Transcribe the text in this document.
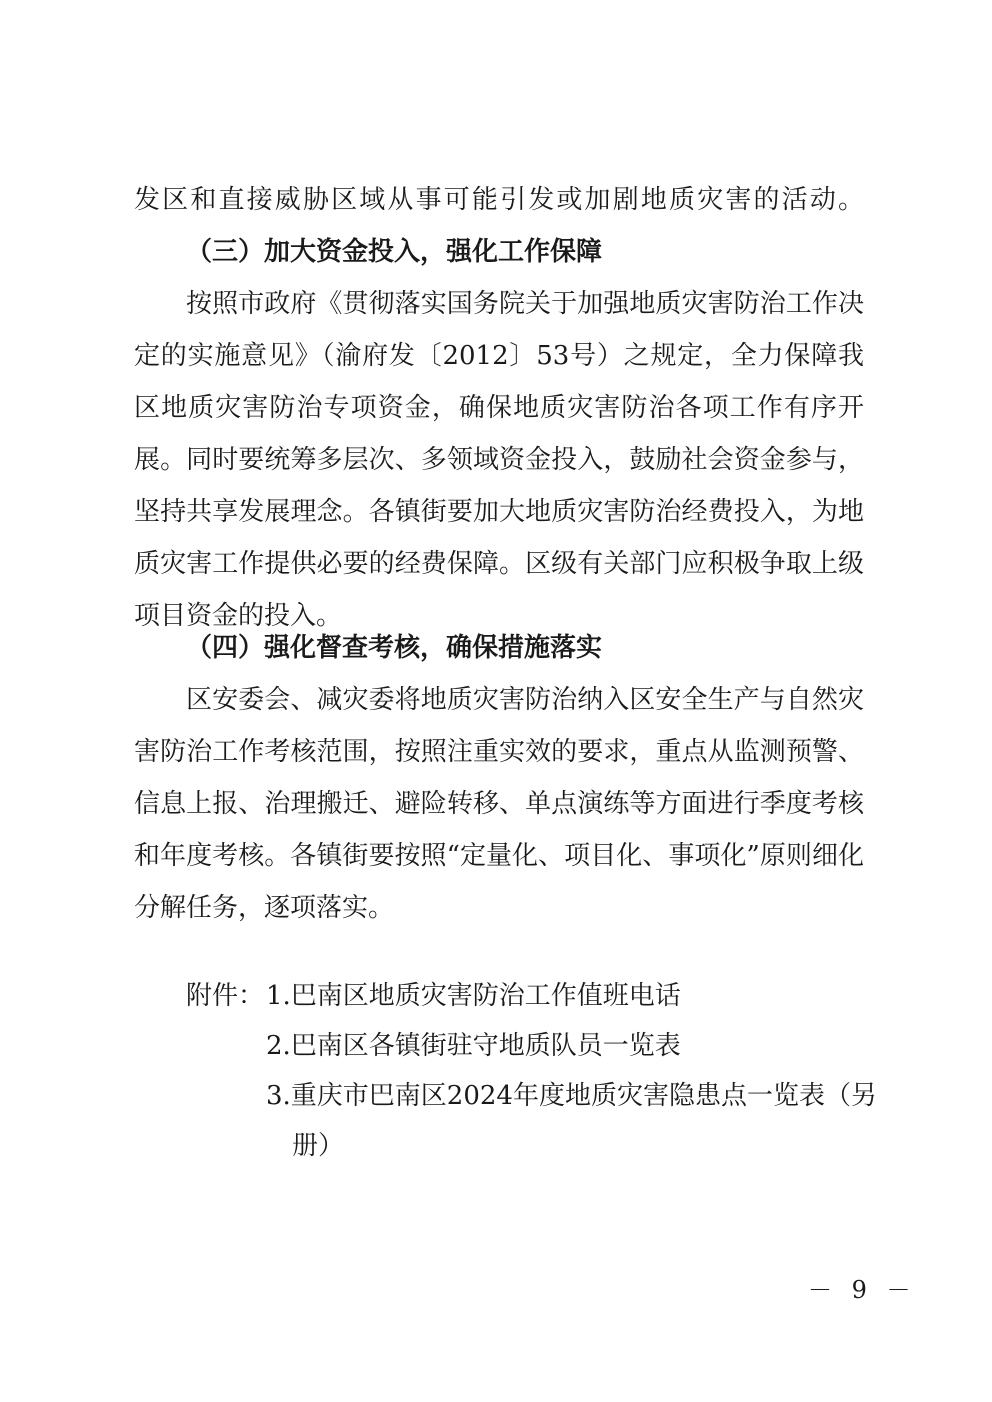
发区和直接威胁区域从事可能引发或加剧地质灾害的活动。
（三）加大资金投入，强化工作保障
按照市政府《贯彻落实国务院关于加强地质灾害防治工作决
定的实施意见》（渝府发〔2012〕53号）之规定，全力保障我
区地质灾害防治专项资金，确保地质灾害防治各项工作有序开
展。同时要统筹多层次、多领域资金投入，鼓励社会资金参与，
坚持共享发展理念。各镇街要加大地质灾害防治经费投入，为地
质灾害工作提供必要的经费保障。区级有关部门应积极争取上级
项目资金的投入。
（四）强化督查考核，确保措施落实
区安委会、减灾委将地质灾害防治纳入区安全生产与自然灾
害防治工作考核范围，按照注重实效的要求，重点从监测预警、
信息上报、治理搬迁、避险转移、单点演练等方面进行季度考核
和年度考核。各镇街要按照“定量化、项目化、事项化”原则细化
分解任务，逐项落实。
附件： 1.巴南区地质灾害防治工作值班电话
2.巴南区各镇街驻守地质队员一览表
3.重庆市巴南区2024年度地质灾害隐患点一览表（另
册）
－ 9 －
